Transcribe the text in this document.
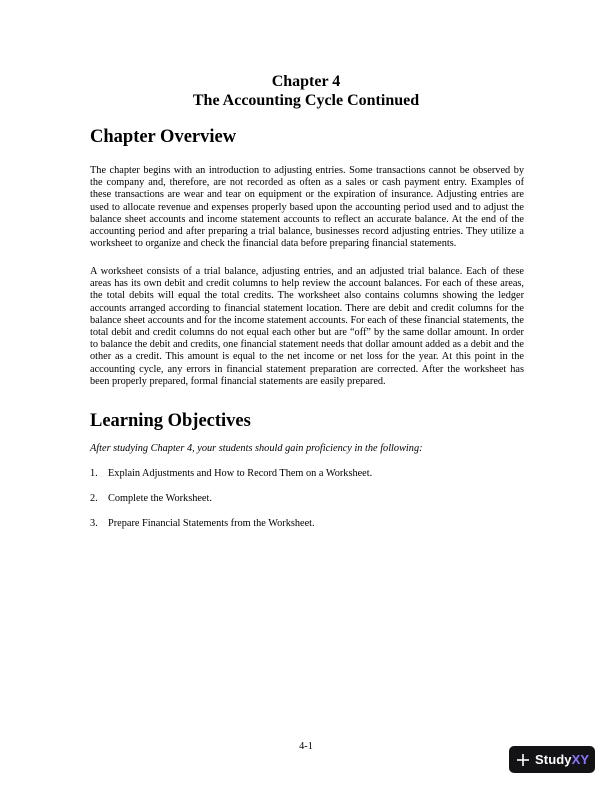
Chapter 4

The Accounting Cycle Continued

Chapter Overview

The chapter begins with an introduction to adjusting entries. Some transactions cannot be observed by the company and, therefore, are not recorded as often as a sales or cash payment entry. Examples of these transactions are wear and tear on equipment or the expiration of insurance. Adjusting entries are used to allocate revenue and expenses properly based upon the accounting period used and to adjust the balance sheet accounts and income statement accounts to reflect an accurate balance. At the end of the accounting period and after preparing a trial balance, businesses record adjusting entries. They utilize a worksheet to organize and check the financial data before preparing financial statements.

A worksheet consists of a trial balance, adjusting entries, and an adjusted trial balance. Each of these areas has its own debit and credit columns to help review the account balances. For each of these areas, the total debits will equal the total credits. The worksheet also contains columns showing the ledger accounts arranged according to financial statement location. There are debit and credit columns for the balance sheet accounts and for the income statement accounts. For each of these financial statements, the total debit and credit columns do not equal each other but are “off” by the same dollar amount. In order to balance the debit and credits, one financial statement needs that dollar amount added as a debit and the other as a credit. This amount is equal to the net income or net loss for the year. At this point in the accounting cycle, any errors in financial statement preparation are corrected. After the worksheet has been properly prepared, formal financial statements are easily prepared.

Learning Objectives

After studying Chapter 4, your students should gain proficiency in the following:

1. Explain Adjustments and How to Record Them on a Worksheet.

2. Complete the Worksheet.

3. Prepare Financial Statements from the Worksheet.

4-1
StudyXY
